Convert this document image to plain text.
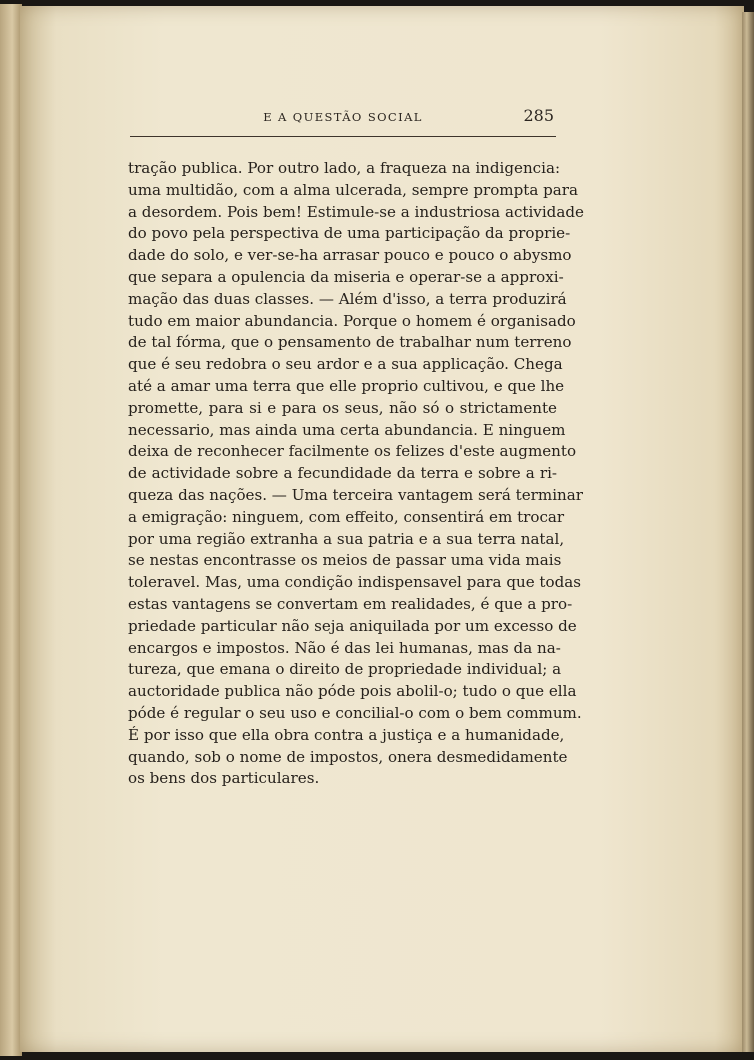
E A QUESTÃO SOCIAL	285
tração publica. Por outro lado, a fraqueza na indigencia:
uma multidão, com a alma ulcerada, sempre prompta para
a desordem. Pois bem! Estimule-se a industriosa actividade
do povo pela perspectiva de uma participação da proprie-
dade do solo, e ver-se-ha arrasar pouco e pouco o abysmo
que separa a opulencia da miseria e operar-se a approxi-
mação das duas classes. — Além d'isso, a terra produzirá
tudo em maior abundancia. Porque o homem é organisado
de tal fórma, que o pensamento de trabalhar num terreno
que é seu redobra o seu ardor e a sua applicação. Chega
até a amar uma terra que elle proprio cultivou, e que lhe
promette, para si e para os seus, não só o strictamente
necessario, mas ainda uma certa abundancia. E ninguem
deixa de reconhecer facilmente os felizes d'este augmento
de actividade sobre a fecundidade da terra e sobre a ri-
queza das nações. — Uma terceira vantagem será terminar
a emigração: ninguem, com effeito, consentirá em trocar
por uma região extranha a sua patria e a sua terra natal,
se nestas encontrasse os meios de passar uma vida mais
toleravel. Mas, uma condição indispensavel para que todas
estas vantagens se convertam em realidades, é que a pro-
priedade particular não seja aniquilada por um excesso de
encargos e impostos. Não é das lei humanas, mas da na-
tureza, que emana o direito de propriedade individual; a
auctoridade publica não póde pois abolil-o; tudo o que ella
póde é regular o seu uso e concilial-o com o bem commum.
É por isso que ella obra contra a justiça e a humanidade,
quando, sob o nome de impostos, onera desmedidamente
os bens dos particulares.
